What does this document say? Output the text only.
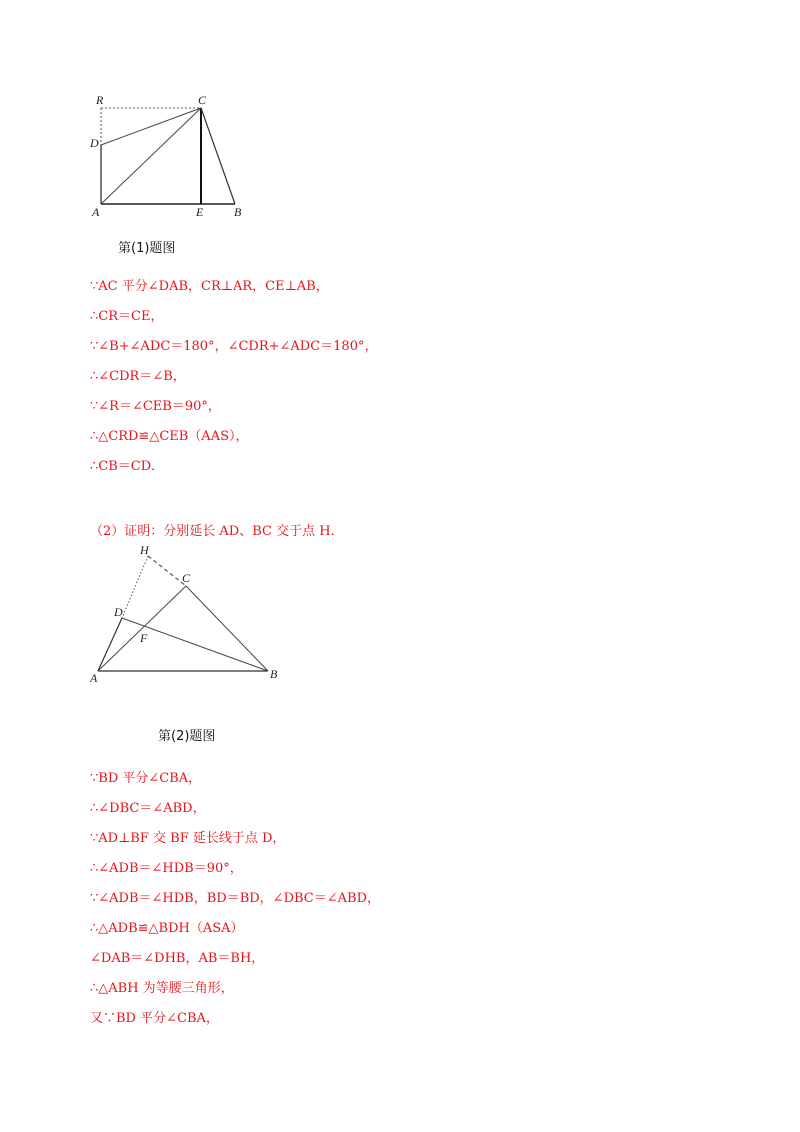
R	C
D
A	E	B
第(1)题图
∵AC 平分∠DAB，CR⊥AR，CE⊥AB，
∴CR＝CE，
∵∠B+∠ADC＝180°，∠CDR+∠ADC＝180°，
∴∠CDR＝∠B，
∵∠R＝∠CEB＝90°，
∴△CRD≌△CEB（AAS），
∴CB＝CD．
（2）证明：分别延长 AD、BC 交于点 H.
H
C
D
F
A	B
第(2)题图
∵BD 平分∠CBA，
∴∠DBC＝∠ABD，
∵AD⊥BF 交 BF 延长线于点 D，
∴∠ADB＝∠HDB＝90°，
∵∠ADB＝∠HDB，BD＝BD，∠DBC＝∠ABD，
∴△ADB≌△BDH（ASA）
∠DAB＝∠DHB，AB＝BH，
∴△ABH 为等腰三角形，
又∵BD 平分∠CBA，
